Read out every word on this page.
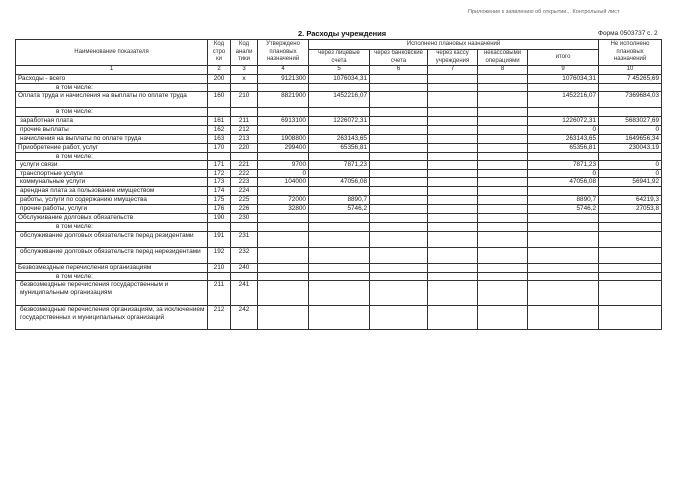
Приложение к заявлению об открытии... Контрольный лист
2. Расходы учреждения	Форма 0503737 с. 2
Наименование показателя	Код стро ки	Код анали тики	Утверждено плановых назначений	Исполнено плановых назначений					Не исполнено плановых назначений
				через лицевые счета	через банковские счета	через кассу учреждения	некассовыми операциями	итого	
1	2	3	4	5	6	7	8	9	10
Расходы - всего	200	x	9121300	1076034,31				1076034,31	7 45265,69
в том числе:									
Оплата труда и начисления на выплаты по оплате труда	160	210	8821900	1452216,07				1452216,07	7369684,03
в том числе:									
заработная плата	161	211	6913100	1226072,31				1226072,31	5683027,69
прочие выплаты	162	212						0	0
начисления на выплаты по оплате труда	163	213	1908800	263143,65				263143,65	1649656,34
Приобретение работ, услуг	170	220	299400	65356,81				65356,81	230043,19
в том числе:									
услуги связи	171	221	9700	7871,23				7871,23	0
транспортные услуги	172	222	0					0	0
коммунальные услуги	173	223	104000	47056,08				47056,08	56941,92
арендная плата за пользование имуществом	174	224							
работы, услуги по содержанию имущества	175	225	72000	8890,7				8890,7	64219,3
прочие работы, услуги	176	226	32800	5746,2				5746,2	27053,8
Обслуживание долговых обязательств	190	230							
в том числе:									
обслуживание долговых обязательств перед резидентами	191	231							
обслуживание долговых обязательств перед нерезидентами	192	232							
Безвозмездные перечисления организациям	210	240							
в том числе:									
безвозмездные перечисления государственным и муниципальным организациям	211	241							
безвозмездные перечисления организациям, за исключением государственных и муниципальных организаций	212	242							
